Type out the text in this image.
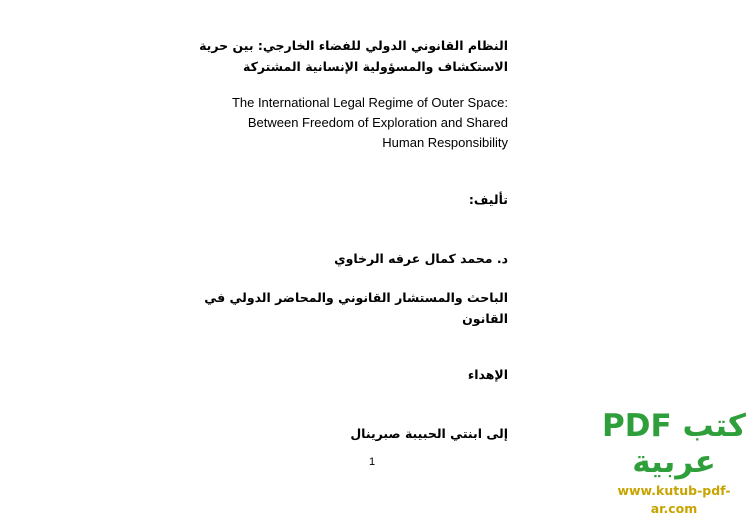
النظام القانوني الدولي للفضاء الخارجي: بين حرية
الاستكشاف والمسؤولية الإنسانية المشتركة
The International Legal Regime of Outer Space:
Between Freedom of Exploration and Shared
Human Responsibility
تأليف:
د. محمد كمال عرفه الرخاوي
الباحث والمستشار القانوني والمحاضر الدولي في
القانون
الإهداء
إلى ابنتي الحبيبة صبرينال
1
كتب PDF عربية
www.kutub-pdf-ar.com
